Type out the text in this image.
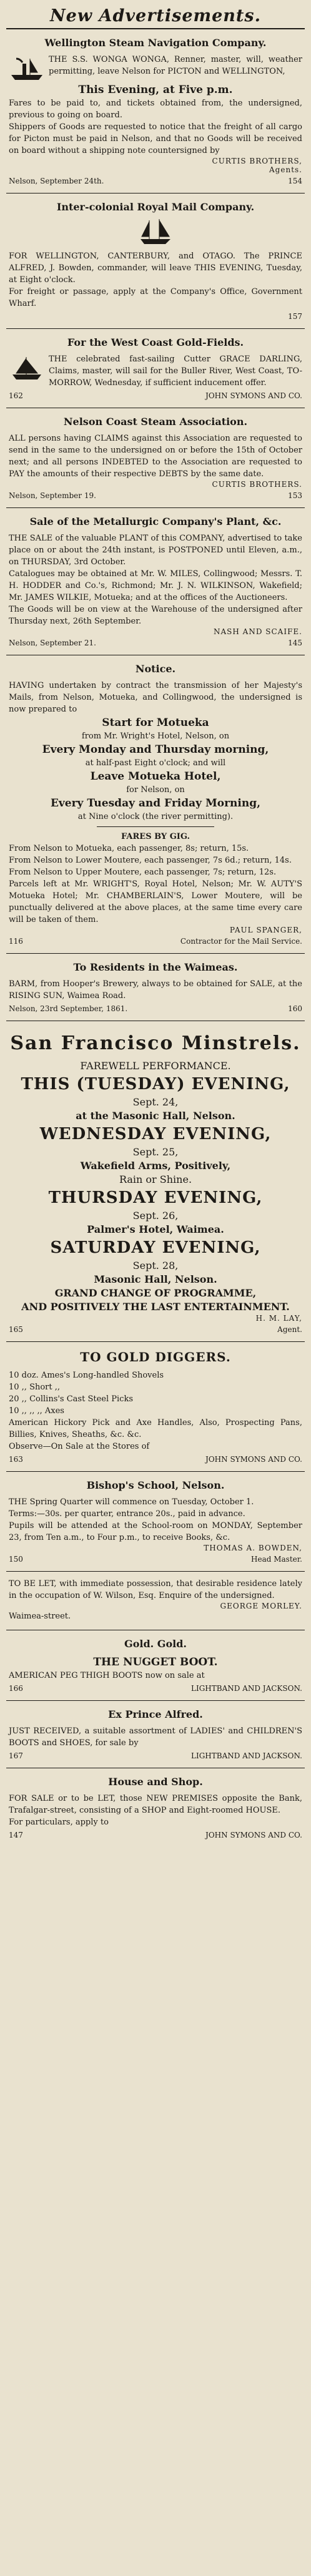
New Advertisements.
Wellington Steam Navigation Company.
THE S.S. WONGA WONGA, Renner, master, will, weather permitting, leave Nelson for PICTON and WELLINGTON,
This Evening, at Five p.m.
Fares to be paid to, and tickets obtained from, the undersigned, previous to going on board.
Shippers of Goods are requested to notice that the freight of all cargo for Picton must be paid in Nelson, and that no Goods will be received on board without a shipping note countersigned by
CURTIS BROTHERS,
Agents.
Nelson, September 24th.	154
Inter-colonial Royal Mail Company.
FOR WELLINGTON, CANTERBURY, and OTAGO. The PRINCE ALFRED, J. Bowden, commander, will leave THIS EVENING, Tuesday, at Eight o'clock.
For freight or passage, apply at the Company's Office, Government Wharf.
157
For the West Coast Gold-Fields.
THE celebrated fast-sailing Cutter GRACE DARLING, Claims, master, will sail for the Buller River, West Coast, TO-MORROW, Wednesday, if sufficient inducement offer.
162	JOHN SYMONS AND CO.
Nelson Coast Steam Association.
ALL persons having CLAIMS against this Association are requested to send in the same to the undersigned on or before the 15th of October next; and all persons INDEBTED to the Association are requested to PAY the amounts of their respective DEBTS by the same date.
CURTIS BROTHERS.
Nelson, September 19.	153
Sale of the Metallurgic Company's Plant, &c.
THE SALE of the valuable PLANT of this COMPANY, advertised to take place on or about the 24th instant, is POSTPONED until Eleven, a.m., on THURSDAY, 3rd October.
Catalogues may be obtained at Mr. W. MILES, Collingwood; Messrs. T. H. HODDER and Co.'s, Richmond; Mr. J. N. WILKINSON, Wakefield; Mr. JAMES WILKIE, Motueka; and at the offices of the Auctioneers.
The Goods will be on view at the Warehouse of the undersigned after Thursday next, 26th September.
NASH AND SCAIFE.
Nelson, September 21.	145
Notice.
HAVING undertaken by contract the transmission of her Majesty's Mails, from Nelson, Motueka, and Collingwood, the undersigned is now prepared to
Start for Motueka
from Mr. Wright's Hotel, Nelson, on
Every Monday and Thursday morning,
at half-past Eight o'clock; and will
Leave Motueka Hotel,
for Nelson, on
Every Tuesday and Friday Morning,
at Nine o'clock (the river permitting).
FARES BY GIG.
From Nelson to Motueka, each passenger, 8s; return, 15s.
From Nelson to Lower Moutere, each passenger, 7s 6d.; return, 14s.
From Nelson to Upper Moutere, each passenger, 7s; return, 12s.
Parcels left at Mr. WRIGHT'S, Royal Hotel, Nelson; Mr. W. AUTY'S Motueka Hotel; Mr. CHAMBERLAIN'S, Lower Moutere, will be punctually delivered at the above places, at the same time every care will be taken of them.
PAUL SPANGER,
116	Contractor for the Mail Service.
To Residents in the Waimeas.
BARM, from Hooper's Brewery, always to be obtained for SALE, at the RISING SUN, Waimea Road.
Nelson, 23rd September, 1861.	160
San Francisco Minstrels.
FAREWELL PERFORMANCE.
THIS (TUESDAY) EVENING,
Sept. 24,
at the Masonic Hall, Nelson.
WEDNESDAY EVENING,
Sept. 25,
Wakefield Arms, Positively,
Rain or Shine.
THURSDAY EVENING,
Sept. 26,
Palmer's Hotel, Waimea.
SATURDAY EVENING,
Sept. 28,
Masonic Hall, Nelson.
GRAND CHANGE OF PROGRAMME,
AND POSITIVELY THE LAST ENTERTAINMENT.
H. M. LAY,
165	Agent.
TO GOLD DIGGERS.
10 doz. Ames's Long-handled Shovels
10 ,, Short ,,
20 ,, Collins's Cast Steel Picks
10 ,, ,, ,, Axes
American Hickory Pick and Axe Handles, Also, Prospecting Pans, Billies, Knives, Sheaths, &c. &c.
Observe—On Sale at the Stores of
163	JOHN SYMONS AND CO.
Bishop's School, Nelson.
THE Spring Quarter will commence on Tuesday, October 1.
Terms:—30s. per quarter, entrance 20s., paid in advance.
Pupils will be attended at the School-room on MONDAY, September 23, from Ten a.m., to Four p.m., to receive Books, &c.
THOMAS A. BOWDEN,
150	Head Master.
TO BE LET, with immediate possession, that desirable residence lately in the occupation of W. Wilson, Esq. Enquire of the undersigned.
GEORGE MORLEY.
Waimea-street.
Gold. Gold.
THE NUGGET BOOT.
AMERICAN PEG THIGH BOOTS now on sale at
166	LIGHTBAND AND JACKSON.
Ex Prince Alfred.
JUST RECEIVED, a suitable assortment of LADIES' and CHILDREN'S BOOTS and SHOES, for sale by
167	LIGHTBAND AND JACKSON.
House and Shop.
FOR SALE or to be LET, those NEW PREMISES opposite the Bank, Trafalgar-street, consisting of a SHOP and Eight-roomed HOUSE.
For particulars, apply to
147	JOHN SYMONS AND CO.
